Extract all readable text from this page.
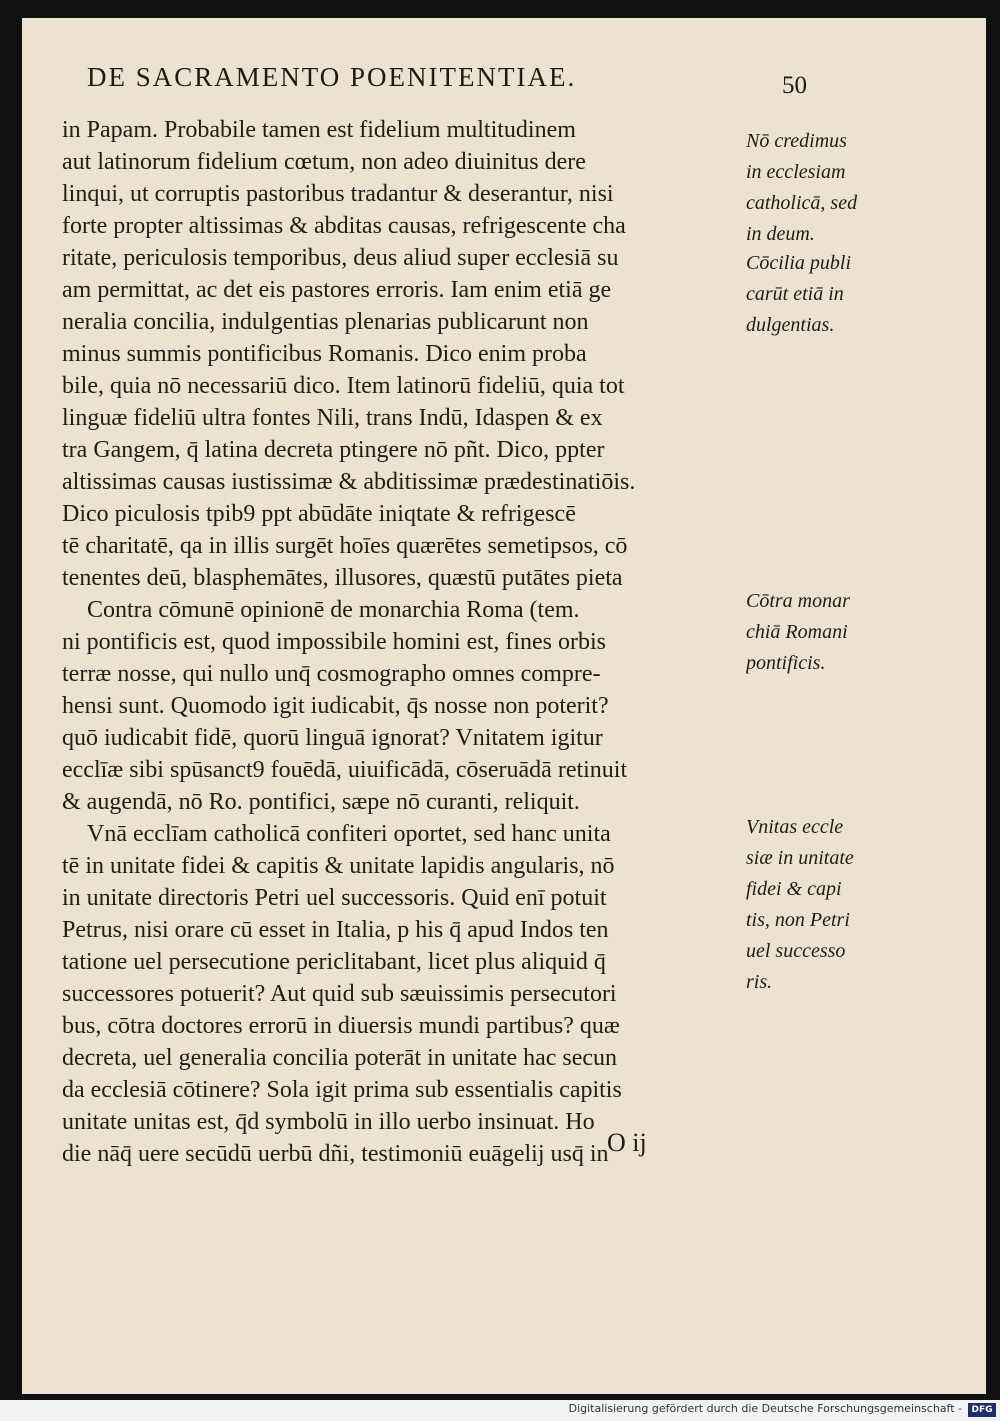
DE SACRAMENTO POENITENTIAE.	50
in Papam. Probabile tamen est fidelium multitudinem
aut latinorum fidelium cœtum, non adeo diuinitus dere
linqui, ut corruptis pastoribus tradantur & deserantur, nisi
forte propter altissimas & abditas causas, refrigescente cha
ritate, periculosis temporibus, deus aliud super ecclesiā su
am permittat, ac det eis pastores erroris. Iam enim etiā ge
neralia concilia, indulgentias plenarias publicarunt non
minus summis pontificibus Romanis. Dico enim proba
bile, quia nō necessariū dico. Item latinorū fideliū, quia tot
linguæ fideliū ultra fontes Nili, trans Indū, Idaspen & ex
tra Gangem, q̄ latina decreta ptingere nō pñt. Dico, ppter
altissimas causas iustissimæ & abditissimæ prædestinatiōis.
Dico piculosis tpib9 ppt abūdāte iniqtate & refrigescē
tē charitatē, qa in illis surgēt hoīes quærētes semetipsos, cō
tenentes deū, blasphemātes, illusores, quæstū putātes pieta
Contra cōmunē opinionē de monarchia Roma (tem.
ni pontificis est, quod impossibile homini est, fines orbis
terræ nosse, qui nullo unq̄ cosmographo omnes compre-
hensi sunt. Quomodo igit iudicabit, q̄s nosse non poterit?
quō iudicabit fidē, quorū linguā ignorat? Vnitatem igitur
ecclīæ sibi spūsanct9 fouēdā, uiuificādā, cōseruādā retinuit
& augendā, nō Ro. pontifici, sæpe nō curanti, reliquit.
Vnā ecclīam catholicā confiteri oportet, sed hanc unita
tē in unitate fidei & capitis & unitate lapidis angularis, nō
in unitate directoris Petri uel successoris. Quid enī potuit
Petrus, nisi orare cū esset in Italia, p his q̄ apud Indos ten
tatione uel persecutione periclitabant, licet plus aliquid q̄
successores potuerit? Aut quid sub sæuissimis persecutori
bus, cōtra doctores errorū in diuersis mundi partibus? quæ
decreta, uel generalia concilia poterāt in unitate hac secun
da ecclesiā cōtinere? Sola igit prima sub essentialis capitis
unitate unitas est, q̄d symbolū in illo uerbo insinuat. Ho
die nāq̄ uere secūdū uerbū dñi, testimoniū euāgelij usq̄ in
Nō credimus
in ecclesiam
catholicā, sed
in deum.
Cōcilia publi
carūt etiā in
dulgentias.
Cōtra monar
chiā Romani
pontificis.
Vnitas eccle
siæ in unitate
fidei & capi
tis, non Petri
uel successo
ris.
O ij
Digitalisierung gefördert durch die Deutsche Forschungsgemeinschaft -	DFG
